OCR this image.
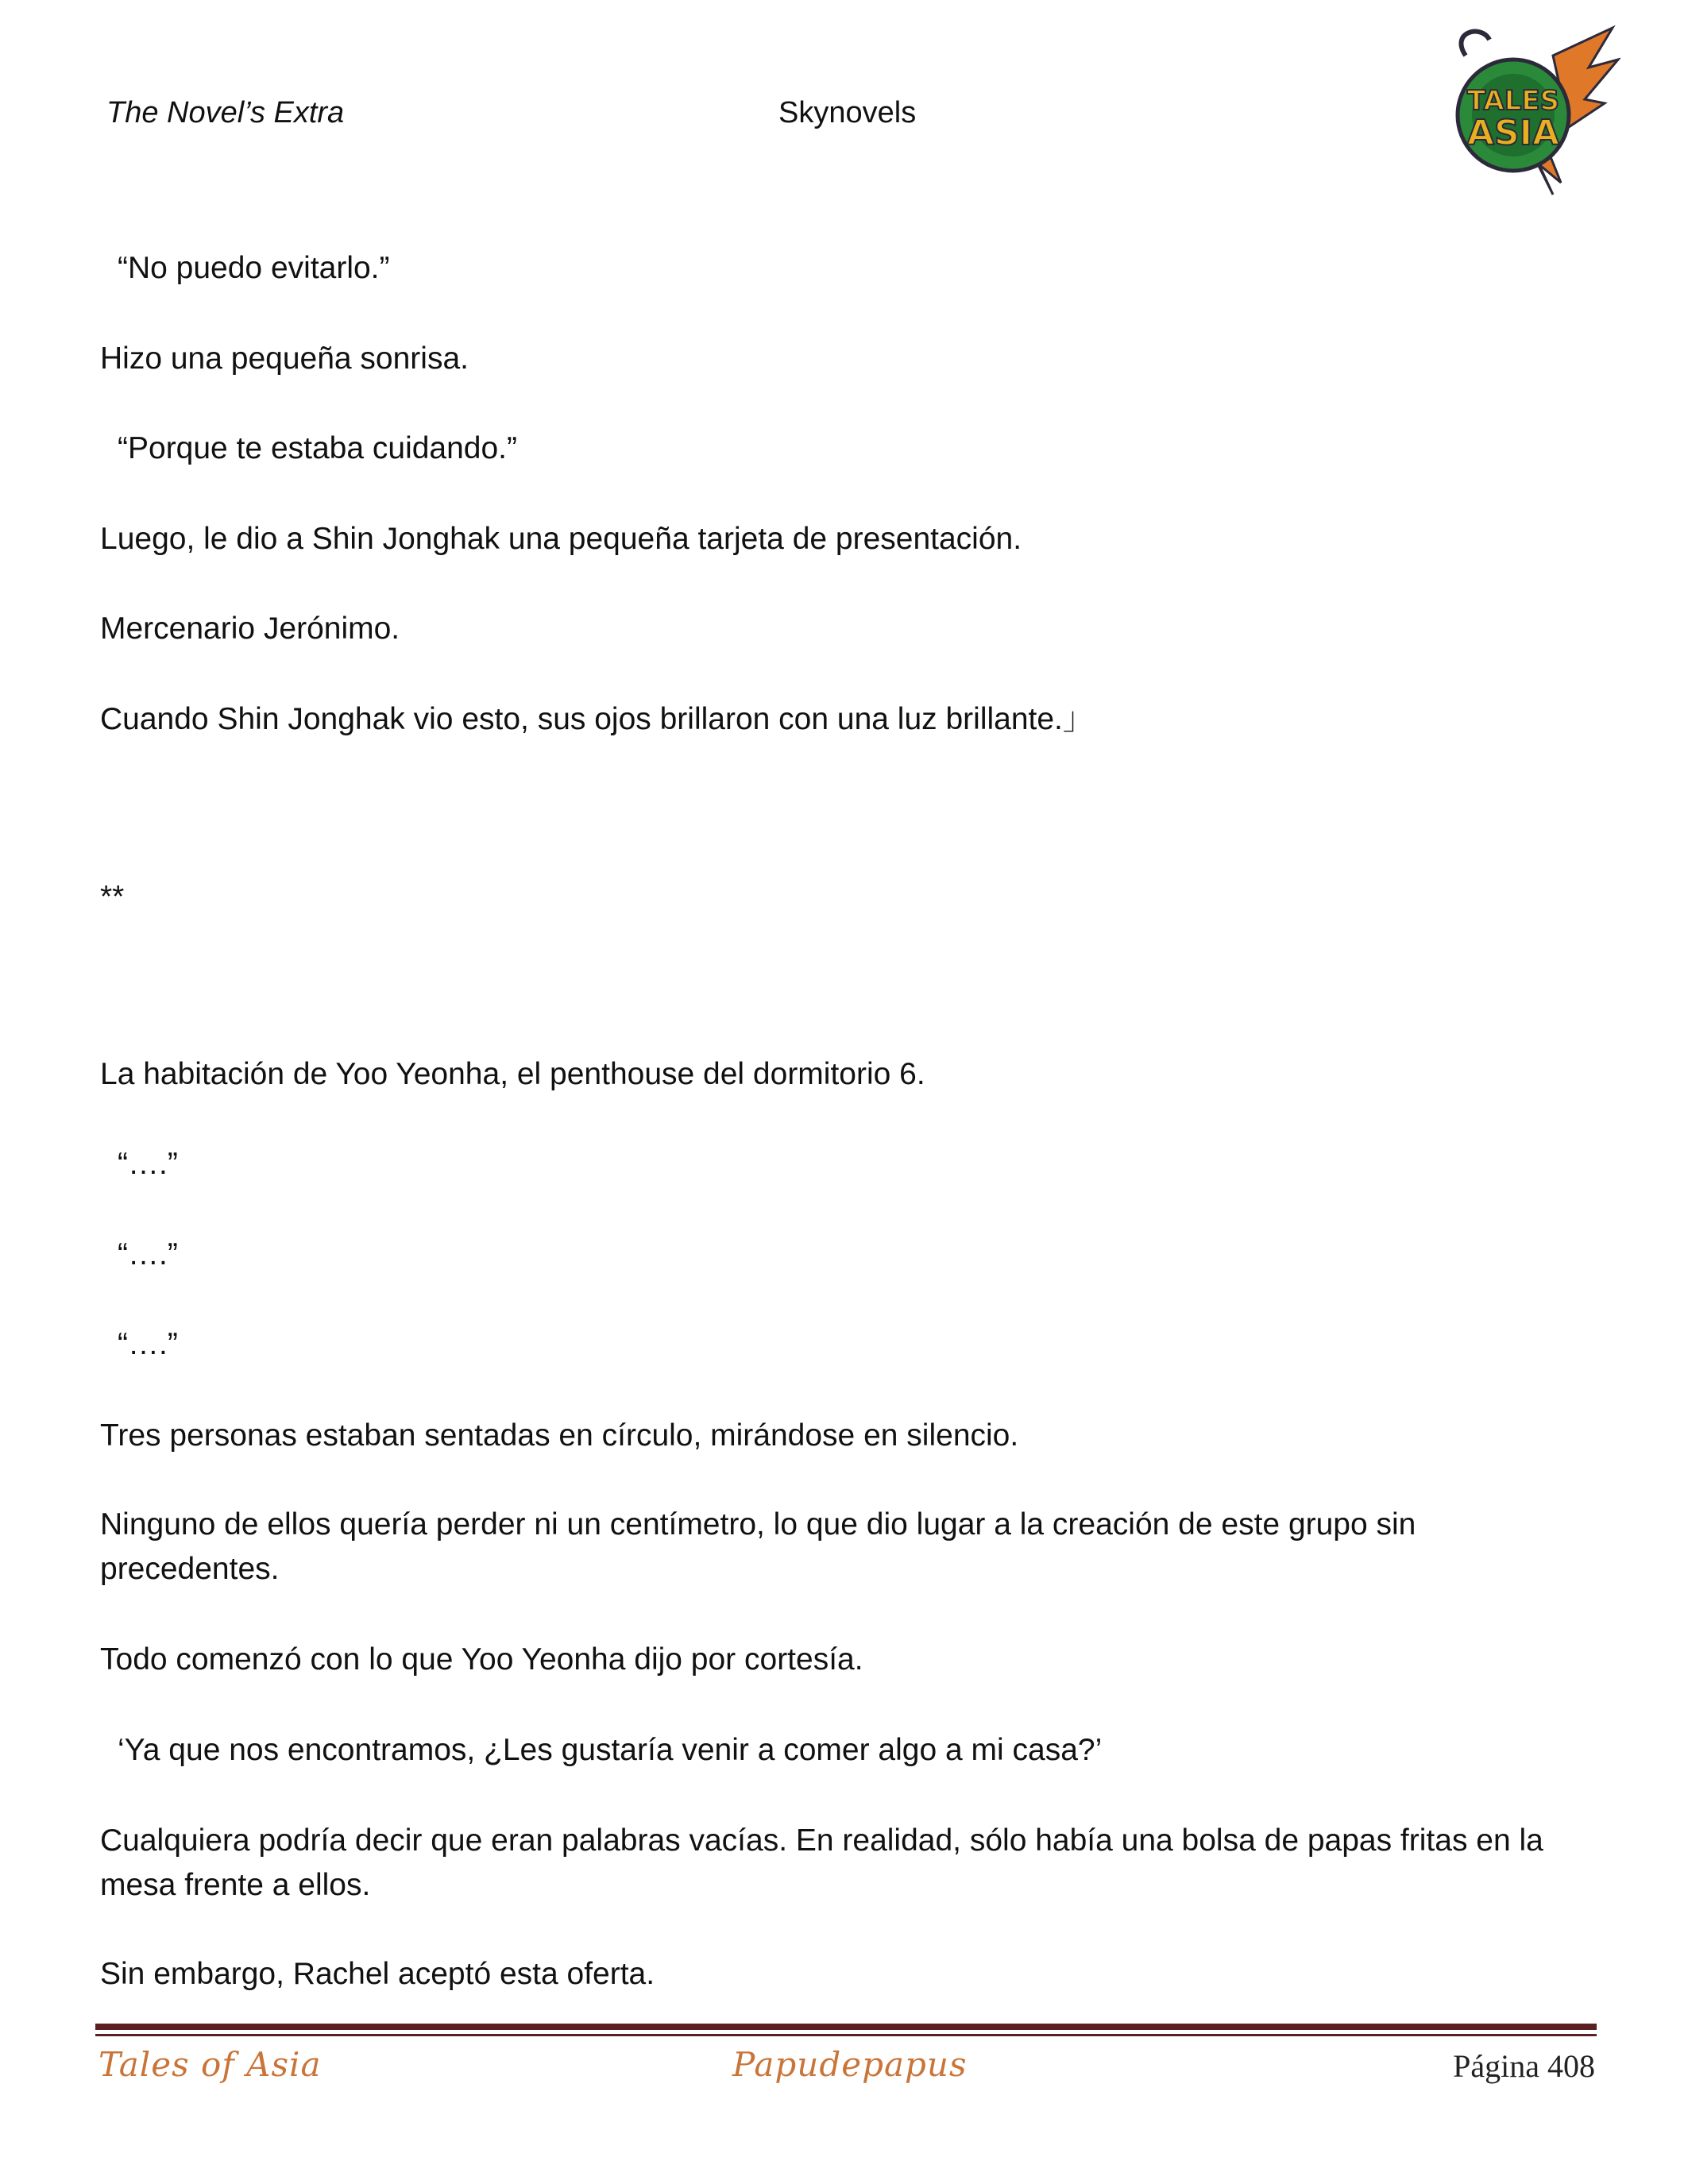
The Novel’s Extra	Skynovels	TALES
ASIA
“No puedo evitarlo.”
Hizo una pequeña sonrisa.
“Porque te estaba cuidando.”
Luego, le dio a Shin Jonghak una pequeña tarjeta de presentación.
Mercenario Jerónimo.
Cuando Shin Jonghak vio esto, sus ojos brillaron con una luz brillante.」
**
La habitación de Yoo Yeonha, el penthouse del dormitorio 6.
“….”
“….”
“….”
Tres personas estaban sentadas en círculo, mirándose en silencio.
Ninguno de ellos quería perder ni un centímetro, lo que dio lugar a la creación de este grupo sin precedentes.
Todo comenzó con lo que Yoo Yeonha dijo por cortesía.
‘Ya que nos encontramos, ¿Les gustaría venir a comer algo a mi casa?’
Cualquiera podría decir que eran palabras vacías. En realidad, sólo había una bolsa de papas fritas en la mesa frente a ellos.
Sin embargo, Rachel aceptó esta oferta.
Tales of Asia	Papudepapus	Página 408
